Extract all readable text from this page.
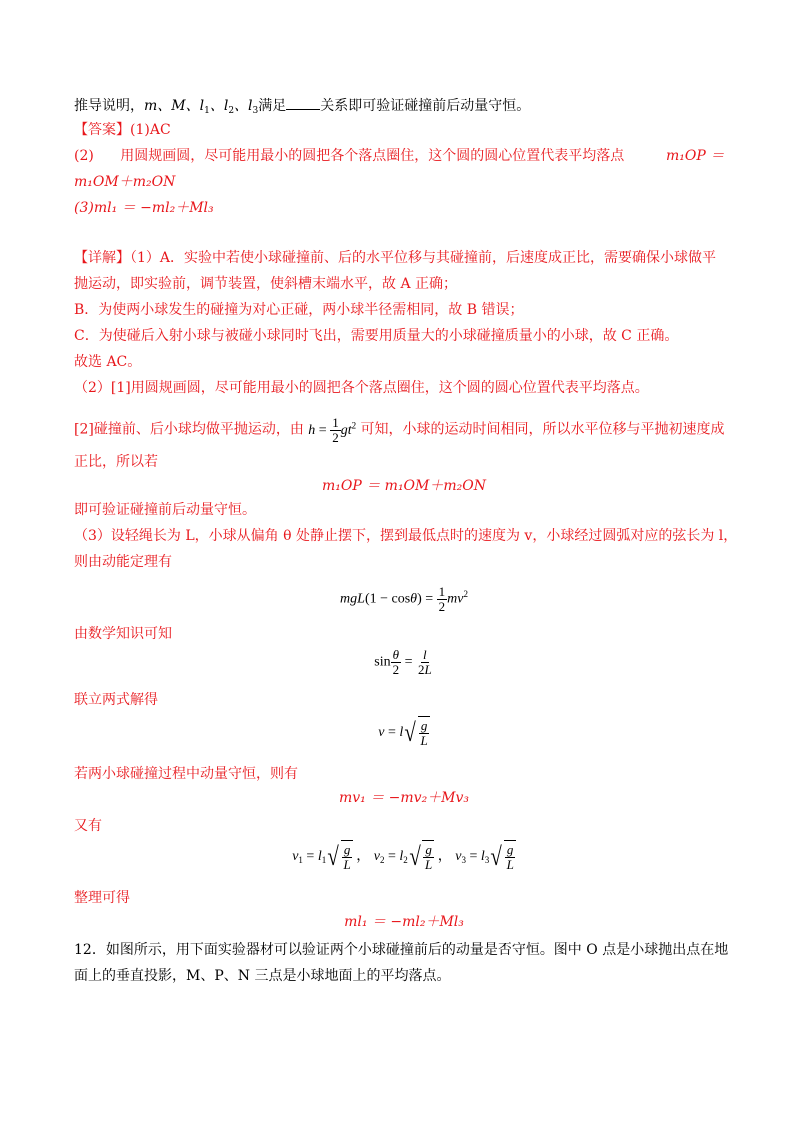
推导说明，m、M、$l_1$、$l_2$、$l_3$满足 关系即可验证碰撞前后动量守恒。
【答案】(1)AC
(2) 用圆规画圆，尽可能用最小的圆把各个落点圈住，这个圆的圆心位置代表平均落点	m₁OP ＝
m₁OM＋m₂ON
(3)ml₁ ＝ −ml₂＋Ml₃
【详解】（1）A．实验中若使小球碰撞前、后的水平位移与其碰撞前，后速度成正比，需要确保小球做平
抛运动，即实验前，调节装置，使斜槽末端水平，故 A 正确；
B．为使两小球发生的碰撞为对心正碰，两小球半径需相同，故 B 错误；
C．为使碰后入射小球与被碰小球同时飞出，需要用质量大的小球碰撞质量小的小球，故 C 正确。
故选 AC。
（2）[1]用圆规画圆，尽可能用最小的圆把各个落点圈住，这个圆的圆心位置代表平均落点。
[2]碰撞前、后小球均做平抛运动，由 $h = \frac{1}{2} gt^2$ 可知，小球的运动时间相同，所以水平位移与平抛初速度成
正比，所以若
m₁OP ＝ m₁OM＋m₂ON
即可验证碰撞前后动量守恒。
（3）设轻绳长为 L，小球从偏角 θ 处静止摆下，摆到最低点时的速度为 v，小球经过圆弧对应的弦长为 l，
则由动能定理有
$mgL(1 - \cos\theta) = \frac{1}{2} mv^2$
由数学知识可知
$\sin \frac{\theta}{2} = \frac{l}{2L}$
联立两式解得
v = l √ $\frac{g}{L}$
若两小球碰撞过程中动量守恒，则有
mv₁ ＝ −mv₂＋Mv₃
又有
$v_1 = l_1$ √ $\frac{g}{L}$ ， $v_2 = l_2$ √ $\frac{g}{L}$ ， $v_3 = l_3$ √ $\frac{g}{L}$
整理可得
ml₁ ＝ −ml₂＋Ml₃
12．如图所示，用下面实验器材可以验证两个小球碰撞前后的动量是否守恒。图中 O 点是小球抛出点在地
面上的垂直投影，M、P、N 三点是小球地面上的平均落点。
